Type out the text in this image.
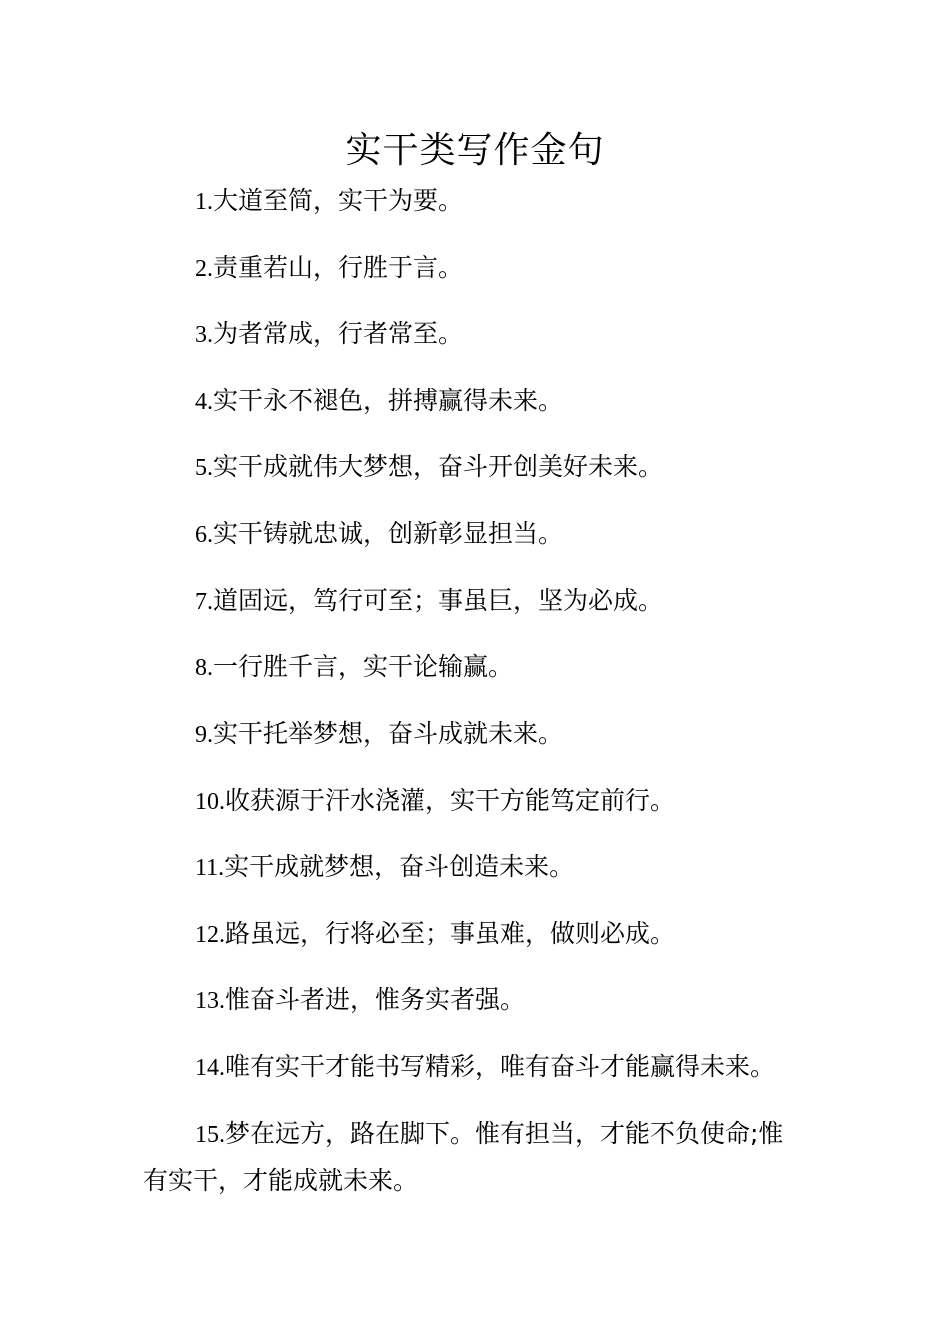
实干类写作金句
1.大道至简，实干为要。
2.责重若山，行胜于言。
3.为者常成，行者常至。
4.实干永不褪色，拼搏赢得未来。
5.实干成就伟大梦想，奋斗开创美好未来。
6.实干铸就忠诚，创新彰显担当。
7.道固远，笃行可至；事虽巨，坚为必成。
8.一行胜千言，实干论输赢。
9.实干托举梦想，奋斗成就未来。
10.收获源于汗水浇灌，实干方能笃定前行。
11.实干成就梦想，奋斗创造未来。
12.路虽远，行将必至；事虽难，做则必成。
13.惟奋斗者进，惟务实者强。
14.唯有实干才能书写精彩，唯有奋斗才能赢得未来。
15.梦在远方，路在脚下。惟有担当，才能不负使命;惟
有实干，才能成就未来。
